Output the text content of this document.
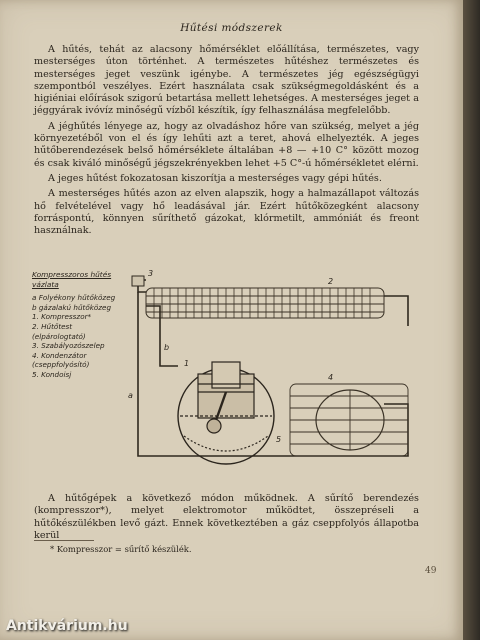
Hűtési módszerek

A hűtés, tehát az alacsony hőmérséklet előállítása, természetes, vagy mesterséges úton történhet. A természetes hűtéshez természetes és mesterséges jeget veszünk igénybe. A természetes jég egészségügyi szempontból veszélyes. Ezért használata csak szükségmegoldásként és a higiéniai előírások szigorú betartása mellett lehetséges. A mesterséges jeget a jéggyárak ivóvíz minőségű vízből készítik, így felhasználása megfelelőbb.

A jéghűtés lényege az, hogy az olvadáshoz hőre van szükség, melyet a jég környezetéből von el és így lehűti azt a teret, ahová elhelyezték. A jeges hűtőberendezések belső hőmérséklete általában +8 — +10 C° között mozog és csak kiváló minőségű jégszekrényekben lehet +5 C°-ú hőmérsékletet elérni.

A jeges hűtést fokozatosan kiszorítja a mesterséges vagy gépi hűtés.

A mesterséges hűtés azon az elven alapszik, hogy a halmazállapot változás hő felvételével vagy hő leadásával jár. Ezért hűtőközegként alacsony forráspontú, könnyen sűríthető gázokat, klórmetilt, ammóniát és freont használnak.

Kompresszoros hűtés vázlata
a Folyékony hűtőközeg
b gázalakú hűtőközeg
1. Kompresszor*
2. Hűtőtest (elpárologtató)
3. Szabályozószelep
4. Kondenzátor (cseppfolyósító)
5. Kondoisj
2
3
1
4
5
a
b

A hűtőgépek a következő módon működnek. A sűrítő berendezés (kompresszor*), melyet elektromotor működtet, összepréseli a hűtőkészülékben levő gázt. Ennek következtében a gáz cseppfolyós állapotba kerül

* Kompresszor = sűrítő készülék.
49
Antikvárium.hu
